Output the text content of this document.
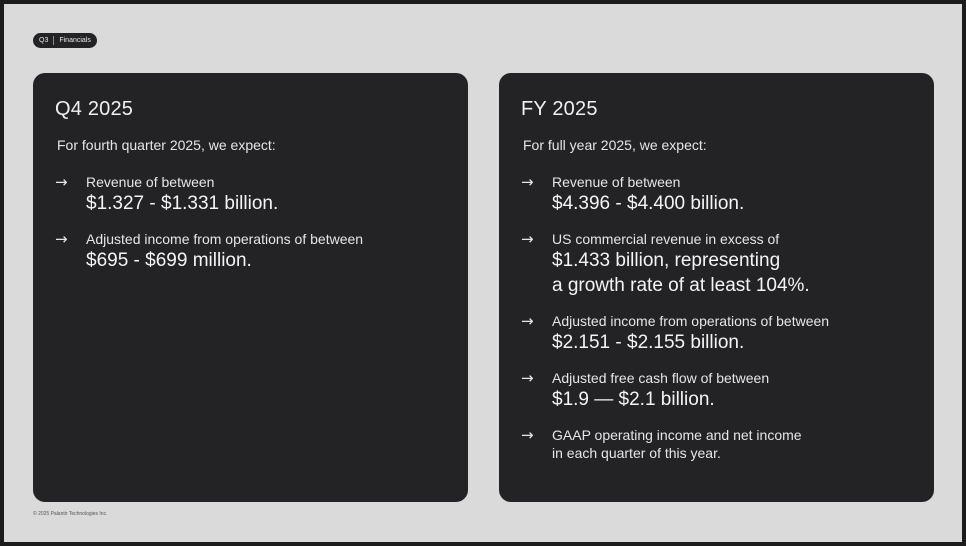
Q3 Financials
Q4 2025
For fourth quarter 2025, we expect:
→	Revenue of between
$1.327 - $1.331 billion.
→	Adjusted income from operations of between
$695 - $699 million.
FY 2025
For full year 2025, we expect:
→	Revenue of between
$4.396 - $4.400 billion.
→	US commercial revenue in excess of
$1.433 billion, representing
a growth rate of at least 104%.
→	Adjusted income from operations of between
$2.151 - $2.155 billion.
→	Adjusted free cash flow of between
$1.9 — $2.1 billion.
→	GAAP operating income and net income
in each quarter of this year.
© 2025 Palantir Technologies Inc.
